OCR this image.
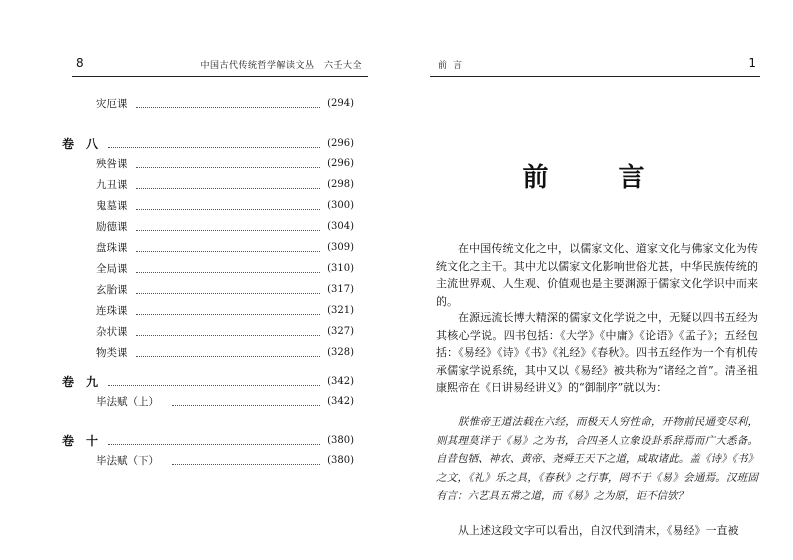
8	中国古代传统哲学解读文丛　六壬大全
灾厄课	(294)
卷　八	(296)
殃咎课	(296)
九丑课	(298)
鬼墓课	(300)
励德课	(304)
盘珠课	(309)
全局课	(310)
玄胎课	(317)
连珠课	(321)
杂状课	(327)
物类课	(328)
卷　九	(342)
毕法赋（上）	(342)
卷　十	(380)
毕法赋（下）	(380)
前言	1
前　言
在中国传统文化之中，以儒家文化、道家文化与佛家文化为传统文化之主干。其中尤以儒家文化影响世俗尤甚，中华民族传统的主流世界观、人生观、价值观也是主要渊源于儒家文化学识中而来的。
在源远流长博大精深的儒家文化学说之中，无疑以四书五经为其核心学说。四书包括：《大学》《中庸》《论语》《孟子》；五经包括：《易经》《诗》《书》《礼经》《春秋》。四书五经作为一个有机传承儒家学说系统，其中又以《易经》被共称为“诸经之首”。清圣祖康熙帝在《日讲易经讲义》的“御制序”就以为：
朕惟帝王道法载在六经，而极天人穷性命，开物前民通变尽利，则其理莫详于《易》之为书，合四圣人立象设卦系辞焉而广大悉备。自昔包牺、神农、黄帝、尧舜王天下之道，咸取诸此。盖《诗》《书》之文，《礼》乐之具，《春秋》之行事，罔不于《易》会通焉。汉班固有言：六艺具五常之道，而《易》之为原，讵不信欤？
从上述这段文字可以看出，自汉代到清末，《易经》一直被
